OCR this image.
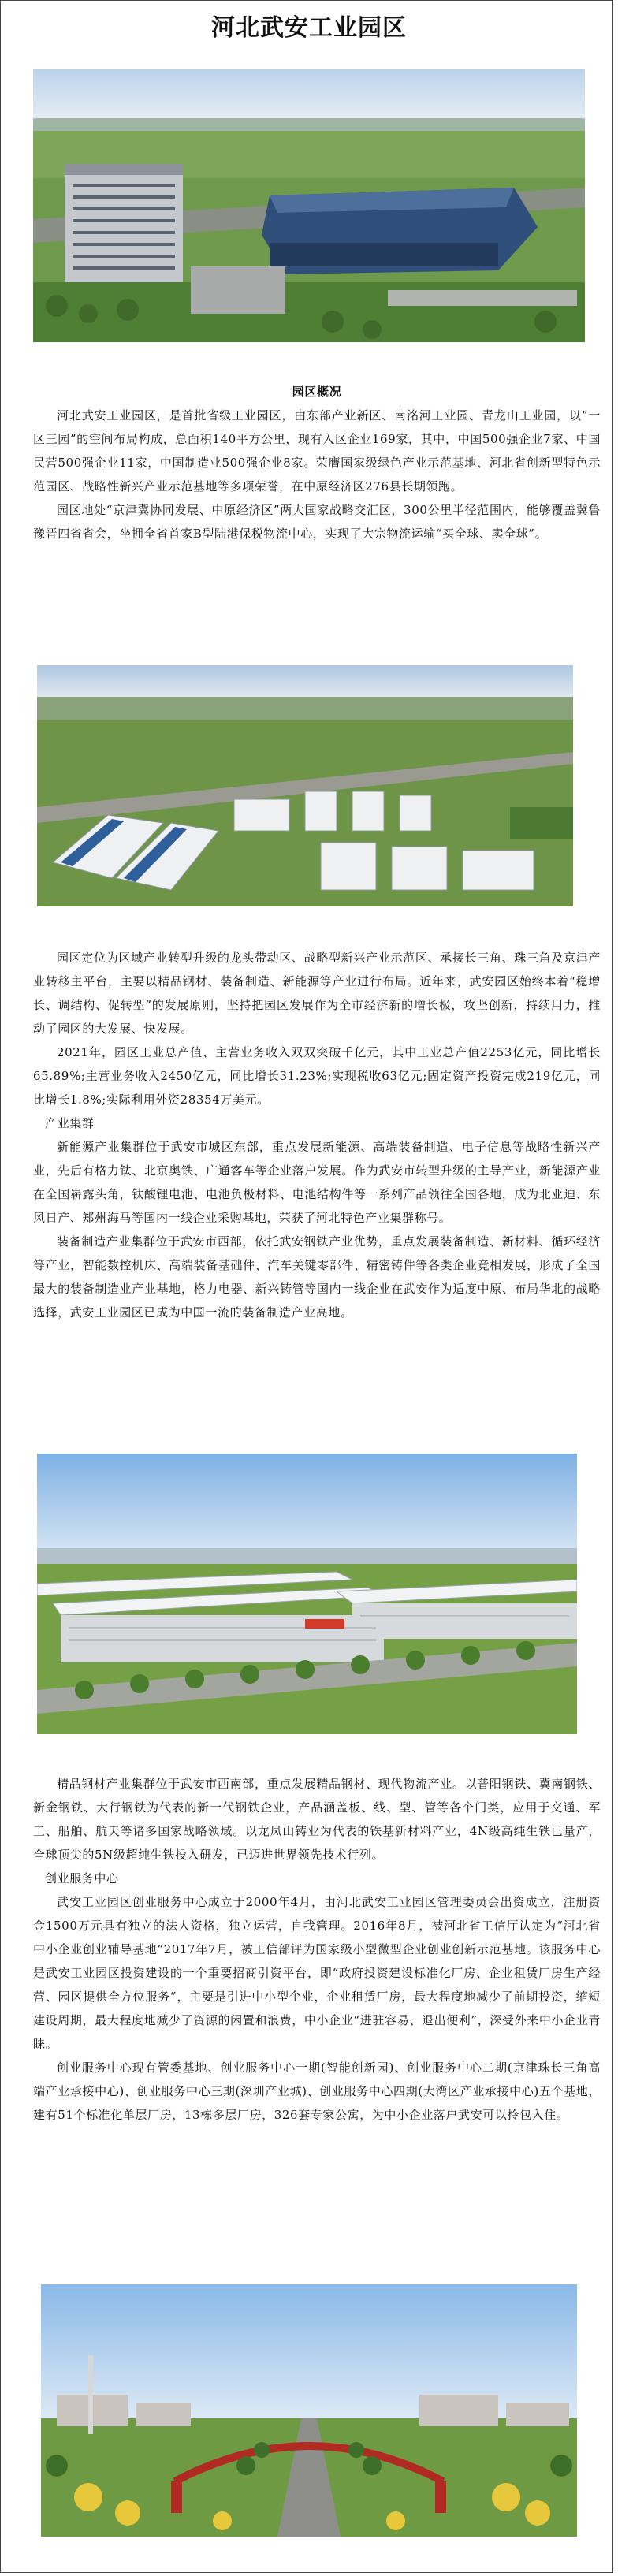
河北武安工业园区

园区概况

河北武安工业园区，是首批省级工业园区，由东部产业新区、南洺河工业园、青龙山工业园，以“一区三园”的空间布局构成，总面积140平方公里，现有入区企业169家，其中，中国500强企业7家、中国民营500强企业11家，中国制造业500强企业8家。荣膺国家级绿色产业示范基地、河北省创新型特色示范园区、战略性新兴产业示范基地等多项荣誉，在中原经济区276县长期领跑。

园区地处“京津冀协同发展、中原经济区”两大国家战略交汇区，300公里半径范围内，能够覆盖冀鲁豫晋四省省会，坐拥全省首家B型陆港保税物流中心，实现了大宗物流运输“买全球、卖全球”。

园区定位为区域产业转型升级的龙头带动区、战略型新兴产业示范区、承接长三角、珠三角及京津产业转移主平台，主要以精品钢材、装备制造、新能源等产业进行布局。近年来，武安园区始终本着“稳增长、调结构、促转型”的发展原则，坚持把园区发展作为全市经济新的增长极，攻坚创新，持续用力，推动了园区的大发展、快发展。

2021年，园区工业总产值、主营业务收入双双突破千亿元，其中工业总产值2253亿元，同比增长65.89%;主营业务收入2450亿元，同比增长31.23%;实现税收63亿元;固定资产投资完成219亿元，同比增长1.8%;实际利用外资28354万美元。

产业集群

新能源产业集群位于武安市城区东部，重点发展新能源、高端装备制造、电子信息等战略性新兴产业，先后有格力钛、北京奥铁、广通客车等企业落户发展。作为武安市转型升级的主导产业，新能源产业在全国崭露头角，钛酸锂电池、电池负极材料、电池结构件等一系列产品领往全国各地，成为北亚迪、东风日产、郑州海马等国内一线企业采购基地，荣获了河北特色产业集群称号。

装备制造产业集群位于武安市西部，依托武安钢铁产业优势，重点发展装备制造、新材料、循环经济等产业，智能数控机床、高端装备基础件、汽车关键零部件、精密铸件等各类企业竞相发展，形成了全国最大的装备制造业产业基地，格力电器、新兴铸管等国内一线企业在武安作为适度中原、布局华北的战略选择，武安工业园区已成为中国一流的装备制造产业高地。

精品钢材产业集群位于武安市西南部，重点发展精品钢材、现代物流产业。以普阳钢铁、冀南钢铁、新金钢铁、大行钢铁为代表的新一代钢铁企业，产品涵盖板、线、型、管等各个门类，应用于交通、军工、船舶、航天等诸多国家战略领域。以龙凤山铸业为代表的铁基新材料产业，4N级高纯生铁已量产，全球顶尖的5N级超纯生铁投入研发，已迈进世界领先技术行列。

创业服务中心

武安工业园区创业服务中心成立于2000年4月，由河北武安工业园区管理委员会出资成立，注册资金1500万元具有独立的法人资格，独立运营，自我管理。2016年8月，被河北省工信厅认定为“河北省中小企业创业辅导基地”2017年7月，被工信部评为国家级小型微型企业创业创新示范基地。该服务中心是武安工业园区投资建设的一个重要招商引资平台，即“政府投资建设标准化厂房、企业租赁厂房生产经营、园区提供全方位服务”，主要是引进中小型企业，企业租赁厂房，最大程度地减少了前期投资，缩短建设周期，最大程度地减少了资源的闲置和浪费，中小企业“进驻容易、退出便利”，深受外来中小企业青睐。

创业服务中心现有管委基地、创业服务中心一期(智能创新园)、创业服务中心二期(京津珠长三角高端产业承接中心)、创业服务中心三期(深圳产业城)、创业服务中心四期(大湾区产业承接中心)五个基地，建有51个标准化单层厂房，13栋多层厂房，326套专家公寓，为中小企业落户武安可以拎包入住。
